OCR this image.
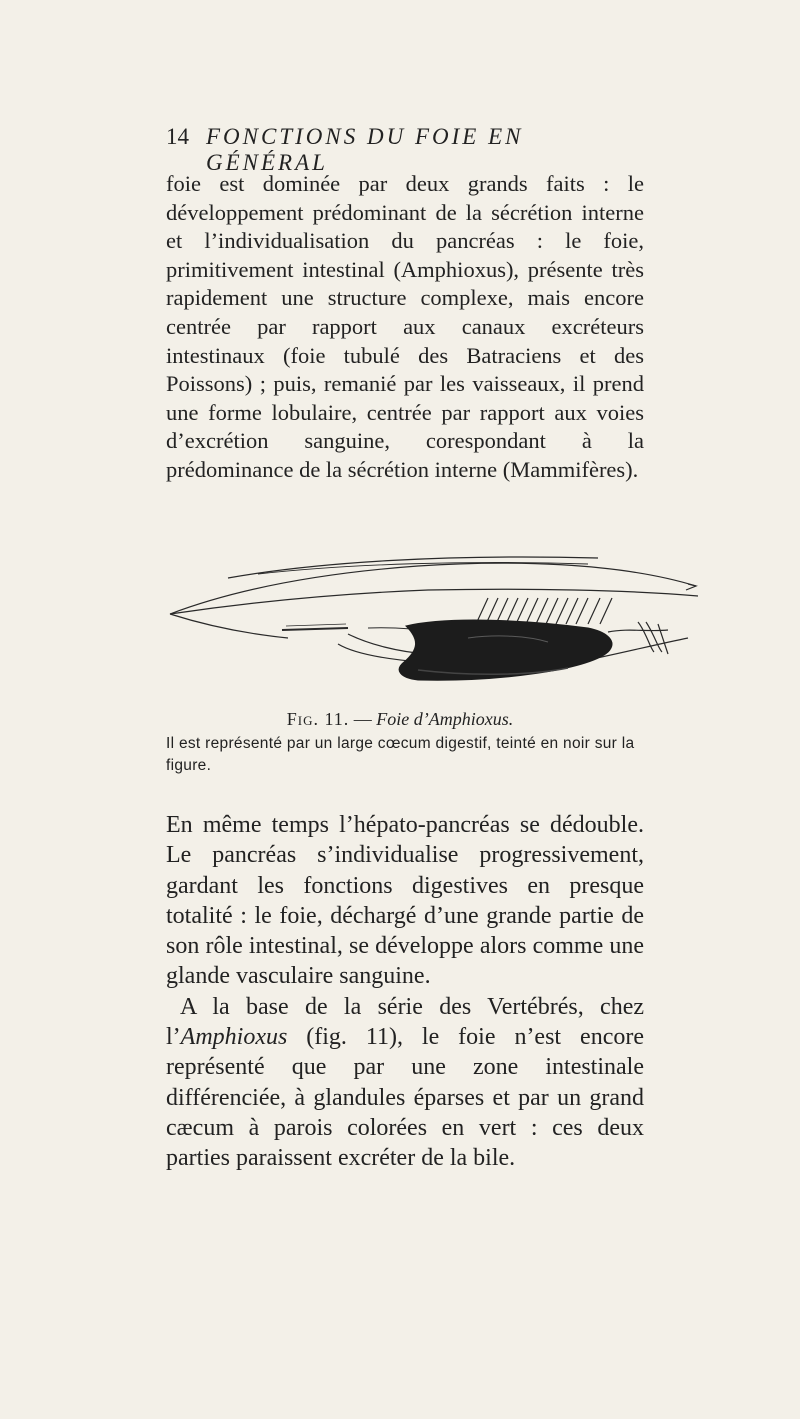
14 FONCTIONS DU FOIE EN GÉNÉRAL
foie est dominée par deux grands faits : le développement prédominant de la sécrétion interne et l’individualisation du pancréas : le foie, primitivement intestinal (Amphioxus), présente très rapidement une structure complexe, mais encore centrée par rapport aux canaux excréteurs intestinaux (foie tubulé des Batraciens et des Poissons) ; puis, remanié par les vaisseaux, il prend une forme lobulaire, centrée par rapport aux voies d’excrétion sanguine, corespondant à la prédominance de la sécrétion interne (Mammifères).
Fig. 11. — Foie d’Amphioxus.
Il est représenté par un large cœcum digestif, teinté en noir sur la figure.
En même temps l’hépato-pancréas se dédouble. Le pancréas s’individualise progressivement, gardant les fonctions digestives en presque totalité : le foie, déchargé d’une grande partie de son rôle intestinal, se développe alors comme une glande vasculaire sanguine.
A la base de la série des Vertébrés, chez l’Amphioxus (fig. 11), le foie n’est encore représenté que par une zone intestinale différenciée, à glandules éparses et par un grand cæcum à parois colorées en vert : ces deux parties paraissent excréter de la bile.
